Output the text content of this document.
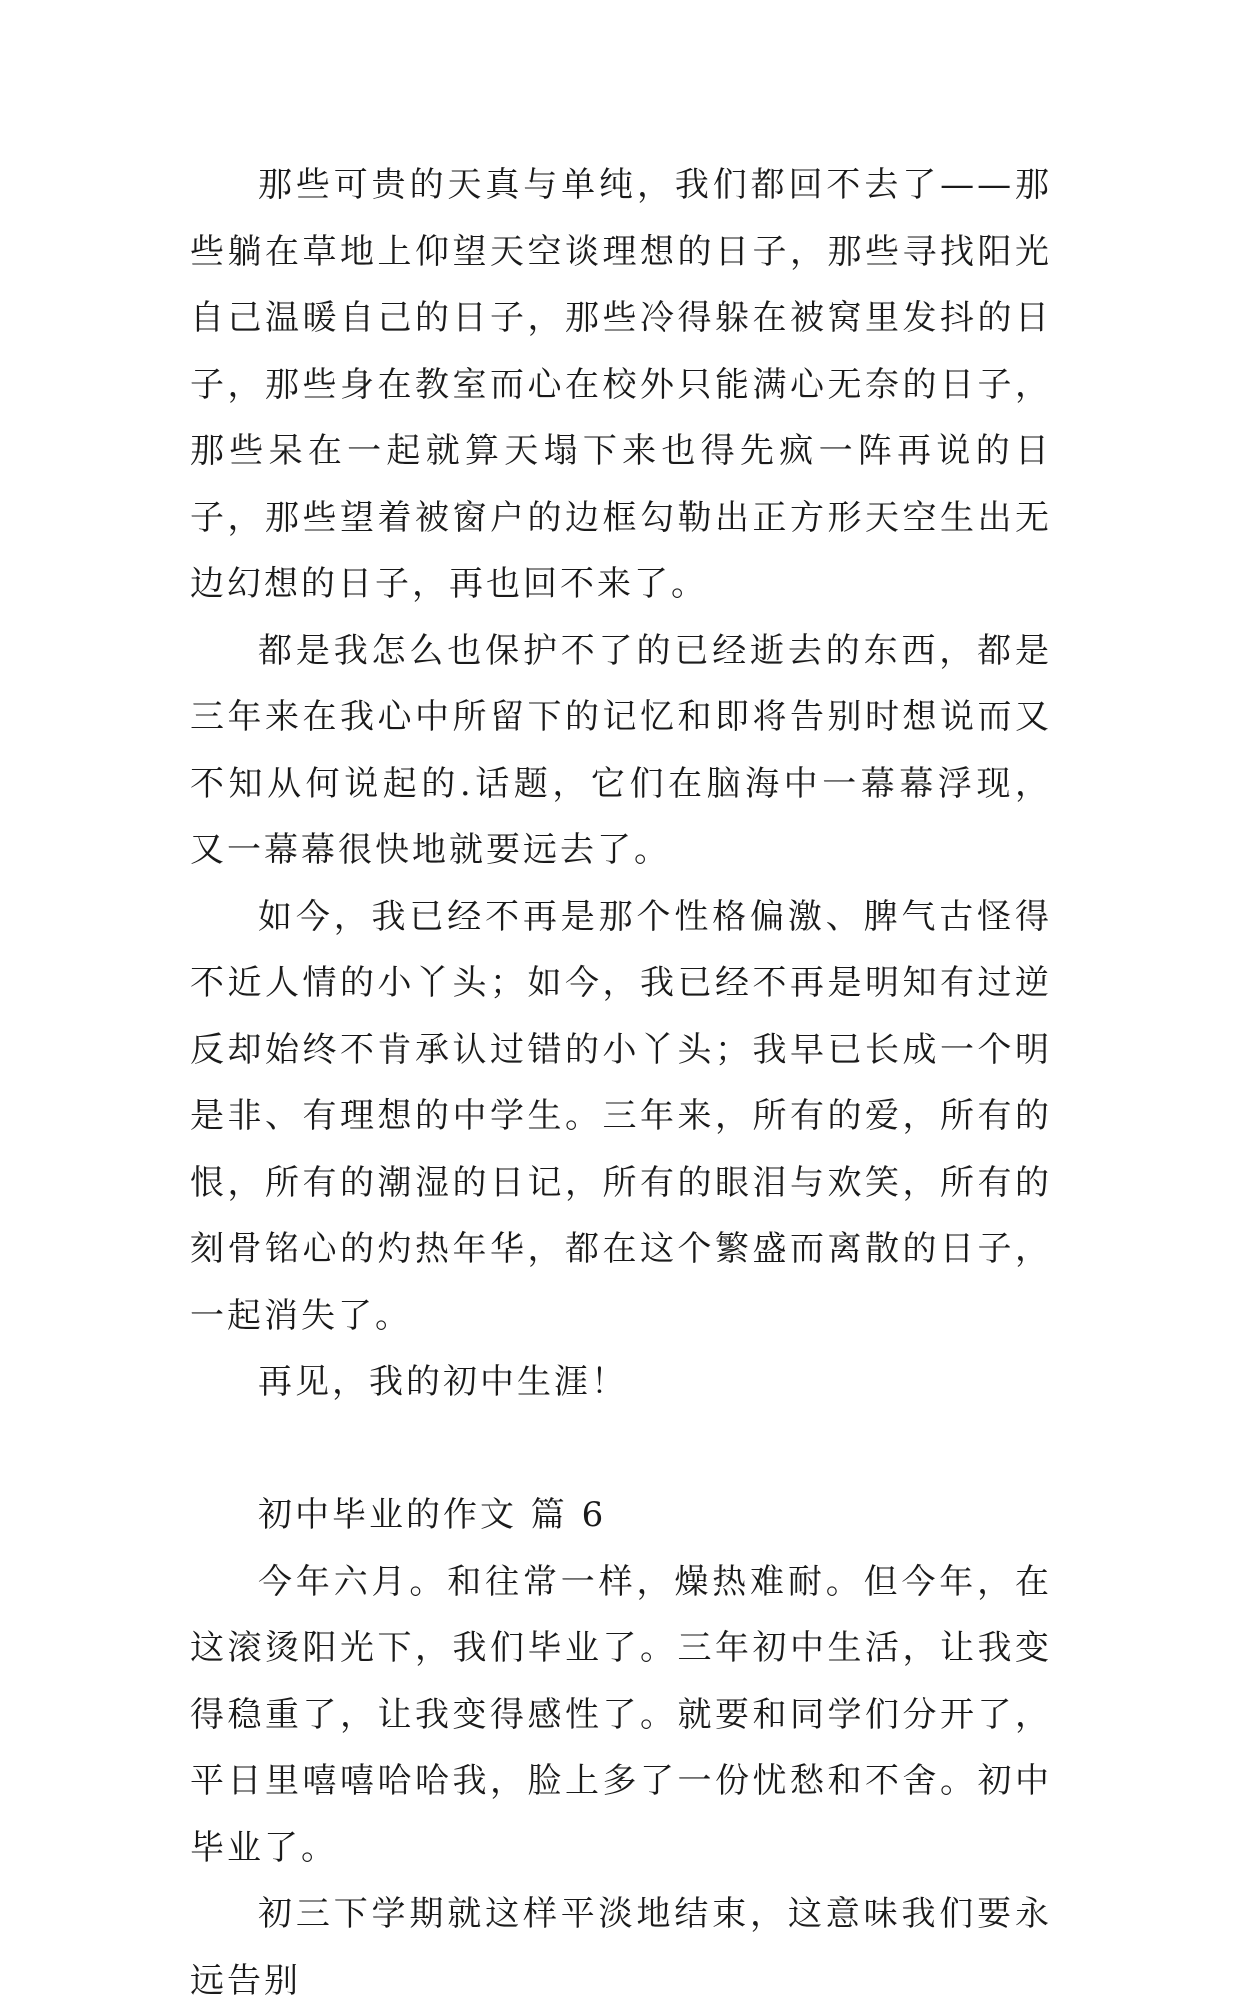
那些可贵的天真与单纯，我们都回不去了——那些躺在草地上仰望天空谈理想的日子，那些寻找阳光自己温暖自己的日子，那些冷得躲在被窝里发抖的日子，那些身在教室而心在校外只能满心无奈的日子，那些呆在一起就算天塌下来也得先疯一阵再说的日子，那些望着被窗户的边框勾勒出正方形天空生出无边幻想的日子，再也回不来了。

都是我怎么也保护不了的已经逝去的东西，都是三年来在我心中所留下的记忆和即将告别时想说而又不知从何说起的.话题，它们在脑海中一幕幕浮现，又一幕幕很快地就要远去了。

如今，我已经不再是那个性格偏激、脾气古怪得不近人情的小丫头；如今，我已经不再是明知有过逆反却始终不肯承认过错的小丫头；我早已长成一个明是非、有理想的中学生。三年来，所有的爱，所有的恨，所有的潮湿的日记，所有的眼泪与欢笑，所有的刻骨铭心的灼热年华，都在这个繁盛而离散的日子，一起消失了。

再见，我的初中生涯！

初中毕业的作文 篇 6

今年六月。和往常一样，燥热难耐。但今年，在这滚烫阳光下，我们毕业了。三年初中生活，让我变得稳重了，让我变得感性了。就要和同学们分开了，平日里嘻嘻哈哈我，脸上多了一份忧愁和不舍。初中毕业了。

初三下学期就这样平淡地结束，这意味我们要永远告别
